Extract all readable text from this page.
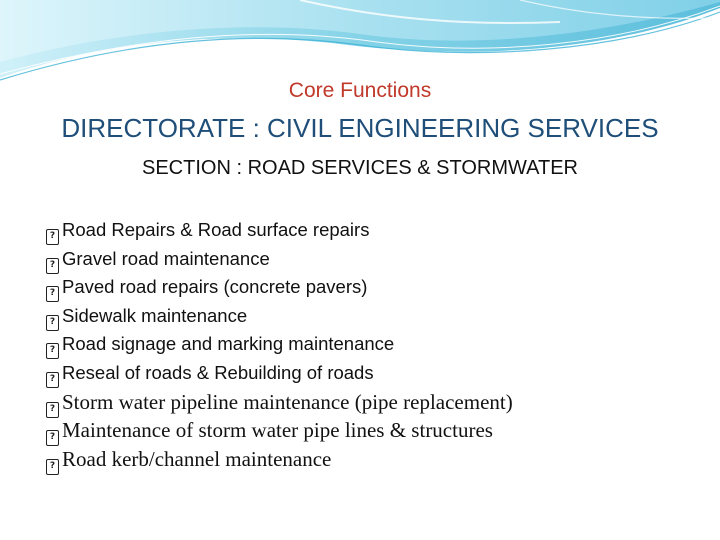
Core Functions
DIRECTORATE : CIVIL ENGINEERING SERVICES
SECTION : ROAD SERVICES & STORMWATER
? Road Repairs & Road surface repairs
? Gravel road maintenance
? Paved road repairs (concrete pavers)
? Sidewalk maintenance
? Road signage and marking maintenance
? Reseal of roads & Rebuilding of roads
? Storm water pipeline maintenance (pipe replacement)
? Maintenance of storm water pipe lines & structures
? Road kerb/channel maintenance
